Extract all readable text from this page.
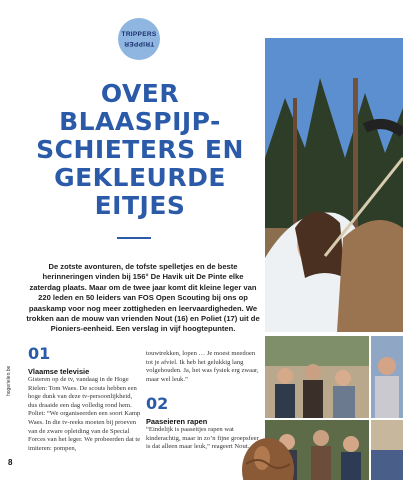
TRIPPERS
TRIPPER
OVER BLAASPIJP-SCHIETERS EN GEKLEURDE EITJES

De zotste avonturen, de tofste spelletjes en de beste herinneringen vinden bij 156° De Havik uit De Pinte elke zaterdag plaats. Maar om de twee jaar komt dit kleine leger van 220 leden en 50 leiders van FOS Open Scouting bij ons op paaskamp voor nog meer zottigheden en leervaardigheden. We trokken aan de mouw van vrienden Nout (16) en Poliet (17) uit de Pioniers-eenheid. Een verslag in vijf hoogtepunten.

01
Vlaamse televisie

Gisteren op de tv, vandaag in de Hoge Rielen: Tom Waes. De scouts hebben een hoge dunk van deze tv-persoonlijkheid, dus draaide een dag volledig rond hem. Poliet: “We organiseerden een soort Kamp Waes. In die tv-reeks moeten bij proeven van de zware opleiding van de Special Forces van het leger. We probeerden dat te imiteren: pompen,

touwtrekken, lopen … Je moest meedoen tot je afviel. Ik heb het gelukkig lang volgehouden. Ja, het was fysiek erg zwaar, maar wel leuk.”

02
Paaseieren rapen

“Eindelijk is paaseitjes rapen wat kinderachtig, maar in zo’n fijne groepsfeer is dat alleen maar leuk,” reageert Nout.

8
hogerielen.be
